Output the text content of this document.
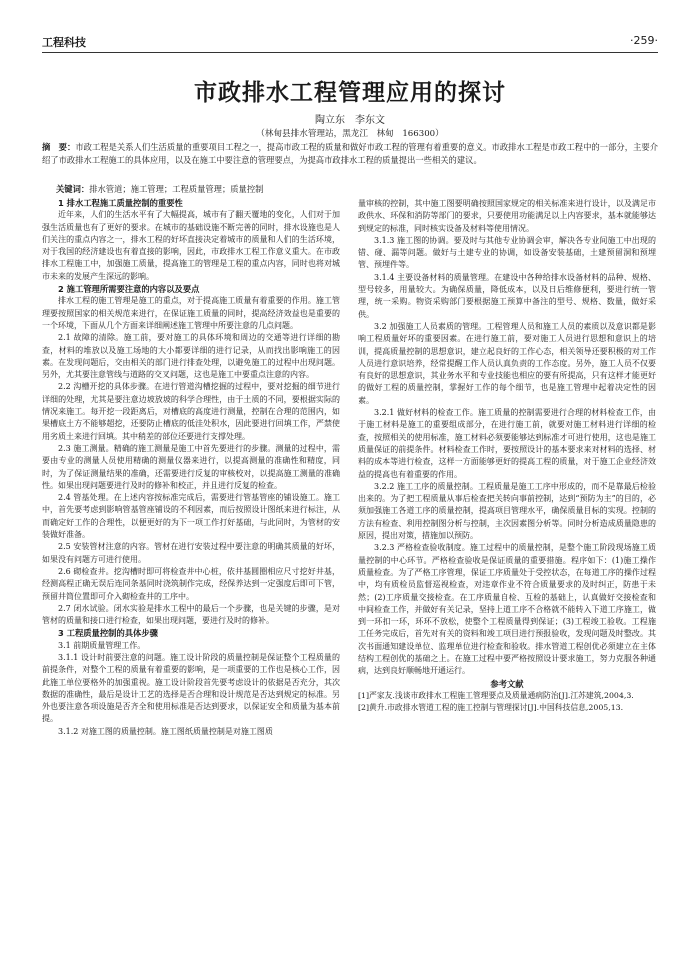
工程科技	·259·
市政排水工程管理应用的探讨
陶立东　李东文
（林甸县排水管理站，黑龙江　林甸　166300）
摘　要：市政工程是关系人们生活质量的重要项目工程之一，提高市政工程的质量和做好市政工程的管理有着重要的意义。市政排水工程是市政工程中的一部分，主要介绍了市政排水工程施工的具体应用，以及在施工中要注意的管理要点，为提高市政排水工程的质量提出一些相关的建议。
关键词：排水管道；施工管理；工程质量管理；质量控制
1 排水工程施工质量控制的重要性

近年来，人们的生活水平有了大幅提高，城市有了翻天覆地的变化，人们对于加强生活质量也有了更好的要求。在城市的基础设施不断完善的同时，排水设施也是人们关注的重点内容之一，排水工程的好坏直接决定着城市的质量和人们的生活环境，对于我国的经济建设也有着直接的影响，因此，市政排水工程工作意义重大。在市政排水工程施工中，加强施工质量，提高施工的管理是工程的重点内容，同时也将对城市未来的发展产生深远的影响。

2 施工管理所需要注意的内容以及要点

排水工程的施工管理是施工的重点，对于提高施工质量有着重要的作用。施工管理要按照国家的相关规范来进行，在保证施工质量的同时，提高经济效益也是重要的一个环境，下面从几个方面来详细阐述施工管理中所要注意的几点问题。

2.1 故障的清除。施工前，要对施工的具体环境和周边的交通等进行详细的勘查，材料的堆放以及施工场地的大小都要详细的进行记录，从而找出影响施工的因素。在发现问题后，交由相关的部门进行排查处理，以避免施工的过程中出现问题。另外，尤其要注意管线与道路的交叉问题，这也是施工中要重点注意的内容。

2.2 沟槽开挖的具体步骤。在进行管道沟槽挖掘的过程中，要对挖掘的细节进行详细的处理，尤其是要注意边坡放坡的科学合理性，由于土质的不同，要根据实际的情况来施工。每开挖一段距离后，对槽底的高度进行测量，控制在合理的范围内，如果槽底土方不能够超挖，还要防止槽底的低洼处积水，因此要进行回填工作，严禁使用劣质土来进行回填。其中稍差的部位还要进行支撑处理。

2.3 施工测量。精确的施工测量是施工中首先要进行的步骤。测量的过程中，需要由专业的测量人员使用精确的测量仪器来进行，以提高测量的准确性和精度，同时，为了保证测量结果的准确，还需要进行反复的审核校对，以提高施工测量的准确性。如果出现问题要进行及时的修补和校正，并且进行反复的检查。

2.4 管基处理。在上述内容按标准完成后，需要进行管基管座的铺设施工。施工中，首先要考虑到影响管基管座铺设的不利因素，而后按照设计图纸来进行标注，从而确定好工作的合理性，以便更好的为下一项工作打好基础，与此同时，为管材的安装做好准备。

2.5 安装管材注意的内容。管材在进行安装过程中要注意的明确其质量的好坏，如果没有问题方可进行使用。

2.6 砌检查井。挖沟槽时即可将检查井中心桩，依井基圆圈相应尺寸挖好井基，经测高程正确无误后连同条基同时浇筑制作完成，经保养达到一定强度后即可下管，预留井筒位置即可介入砌检查井的工序中。

2.7 闭水试验。闭水实验是排水工程中的最后一个步骤，也是关键的步骤，是对管材的质量和接口进行检查，如果出现问题，要进行及时的修补。

3 工程质量控制的具体步骤

3.1 前期质量管理工作。

3.1.1 设计时前要注意的问题。施工设计阶段的质量控制是保证整个工程质量的前提条件，对整个工程的质量有着重要的影响，是一项重要的工作也是核心工作，因此施工单位要格外的加强重视。施工设计阶段首先要考虑设计的依据是否充分，其次数据的准确性，最后是设计工艺的选择是否合理和设计规范是否达到规定的标准。另外也要注意各项设施是否齐全和使用标准是否达到要求，以保证安全和质量为基本前提。

3.1.2 对施工图的质量控制。施工图纸质量控制是对施工图质

量审核的控制，其中施工图要明确按照国家规定的相关标准来进行设计，以及满足市政供水、环保和消防等部门的要求，只要使用功能满足以上内容要求，基本就能够达到规定的标准，同时核实设备及材料等使用情况。

3.1.3 施工图的协调。要及时与其他专业协调会审，解决各专业间施工中出现的错、碰、漏等问题。做好与土建专业的协调，如设备安装基础，土建预留洞和预埋管、预埋件等。

3.1.4 主要设备材料的质量管理。在建设中各种给排水设备材料的品种、规格、型号较多，用量较大。为确保质量，降低成本，以及日后维修便利，要进行统一管理，统一采购。物资采购部门要根据施工预算中备注的型号、规格、数量，做好采供。

3.2 加强施工人员素质的管理。工程管理人员和施工人员的素质以及意识都是影响工程质量好坏的重要因素。在进行施工前，要对施工人员进行思想和意识上的培训，提高质量控制的思想意识，建立起良好的工作心态，相关领导还要积极的对工作人员进行意识培养，经常提醒工作人员认真负责的工作态度。另外，施工人员不仅要有良好的思想意识，其业务水平和专业技能也相应的要有所提高，只有这样才能更好的做好工程的质量控制，掌握好工作的每个细节，也是施工管理中起着决定性的因素。

3.2.1 做好材料的检查工作。施工质量的控制需要进行合理的材料检查工作，由于施工材料是施工的重要组成部分，在进行施工前，就要对施工材料进行详细的检查，按照相关的使用标准，施工材料必须要能够达到标准才可进行使用，这也是施工质量保证的前提条件。材料检查工作时，要按照设计的基本要求来对材料的选择、材料的成本等进行检查，这样一方面能够更好的提高工程的质量，对于施工企业经济效益的提高也有着重要的作用。

3.2.2 施工工序的质量控制。工程质量是施工工序中形成的，而不是靠最后检验出来的。为了把工程质量从事后检查把关转向事前控制，达到“预防为主”的目的，必须加强施工各道工序的质量控制，提高项目管理水平，确保质量目标的实现。控制的方法有检查、利用控制图分析与控制，主次因素图分析等。同时分析造成质量隐患的原因，提出对策，措施加以预防。

3.2.3 严格检查验收制度。施工过程中的质量控制，是整个施工阶段现场施工质量控制的中心环节。严格检查验收是保证质量的重要措施。程序如下：(1)施工操作质量检查。为了严格工序管理，保证工序质量处于受控状态，在每道工序的操作过程中，均有质检员监督巡视检查，对违章作业不符合质量要求的及时纠正，防患于未然；(2)工序质量交接检查。在工序质量自检、互检的基础上，认真做好交接检查和中间检查工作，并做好有关记录，坚持上道工序不合格就不能转入下道工序施工，做到一环扣一环，环环不放松，使整个工程质量得到保证；(3)工程竣工验收。工程施工任务完成后，首先对有关的资料和竣工项目进行预报验收，发现问题及时整改。其次书面通知建设单位、监理单位进行检查和验收。排水管道工程创优必须建立在主体结构工程创优的基础之上。在施工过程中要严格按照设计要求施工，努力克服各种通病，达到良好顺畅地开通运行。

参考文献

[1]严家友.浅谈市政排水工程施工管理要点及质量通病防治[J].江苏建筑,2004,3.

[2]黄升.市政排水管道工程的施工控制与管理探讨[J].中国科技信息,2005,13.
